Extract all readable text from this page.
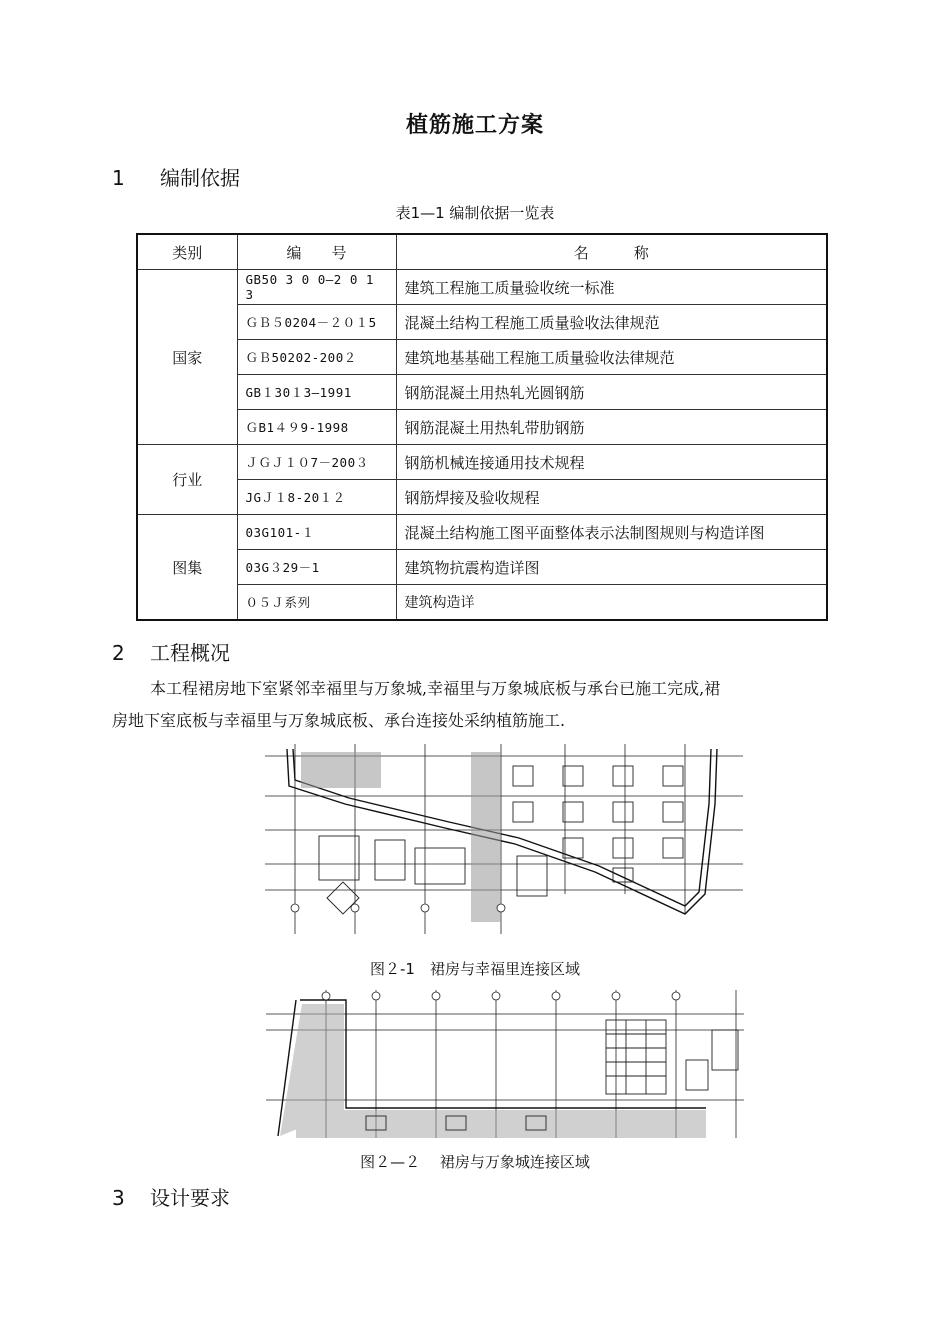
植筋施工方案
1 编制依据
表1—1 编制依据一览表
类别	编　　号	名　　　称
国家	GB50 3 0 0—2 0 1 3	建筑工程施工质量验收统一标准
	ＧＢ５0204－２０１5	混凝土结构工程施工质量验收法律规范
	ＧＢ50202-200２	建筑地基基础工程施工质量验收法律规范
	GB１30１3—1991	钢筋混凝土用热轧光圆钢筋
	ＧB1４９9-1998	钢筋混凝土用热轧带肋钢筋
行业	ＪＧＪ１０7－200３	钢筋机械连接通用技术规程
	JGＪ１8-20１２	钢筋焊接及验收规程
图集	03G101-１	混凝土结构施工图平面整体表示法制图规则与构造详图
	03G３29－1	建筑物抗震构造详图
	０５Ｊ系列	建筑构造详
2 工程概况
本工程裙房地下室紧邻幸福里与万象城,幸福里与万象城底板与承台已施工完成,裙
房地下室底板与幸福里与万象城底板、承台连接处采纳植筋施工.
图２-1　裙房与幸福里连接区域
图２—２　 裙房与万象城连接区域
3 设计要求
